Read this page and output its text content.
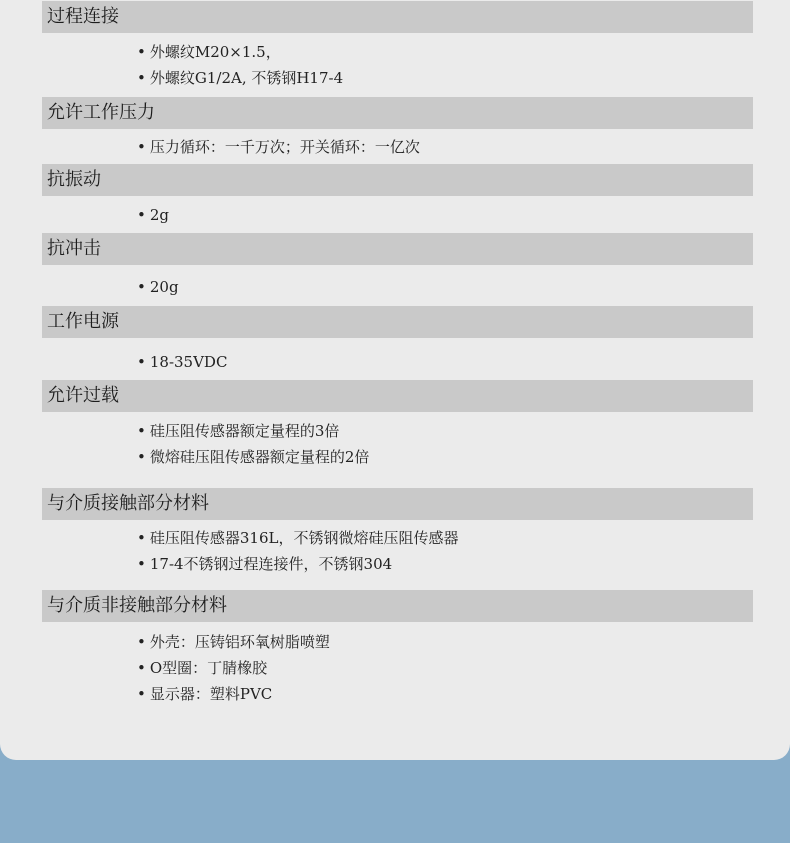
过程连接
• 外螺纹M20×1.5，
• 外螺纹G1/2A, 不锈钢H17-4
允许工作压力
• 压力循环：一千万次；开关循环：一亿次
抗振动
• 2g
抗冲击
• 20g
工作电源
• 18-35VDC
允许过载
• 硅压阻传感器额定量程的3倍
• 微熔硅压阻传感器额定量程的2倍
与介质接触部分材料
• 硅压阻传感器316L，不锈钢微熔硅压阻传感器
• 17-4不锈钢过程连接件，不锈钢304
与介质非接触部分材料
• 外壳：压铸铝环氧树脂喷塑
• O型圈：丁腈橡胶
• 显示器：塑料PVC
